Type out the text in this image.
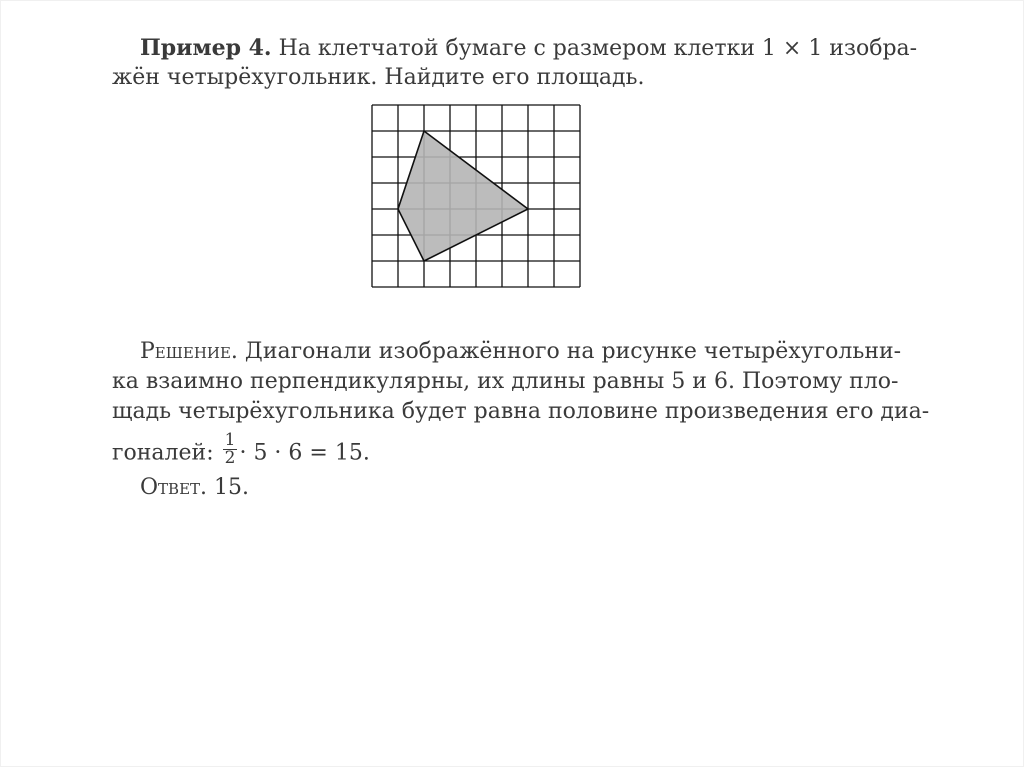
Пример 4. На клетчатой бумаге с размером клетки 1 × 1 изобра-
жён четырёхугольник. Найдите его площадь.
Решение. Диагонали изображённого на рисунке четырёхугольни-
ка взаимно перпендикулярны, их длины равны 5 и 6. Поэтому пло-
щадь четырёхугольника будет равна половине произведения его диа-
гоналей: $\frac{1}{2} \cdot 5 \cdot 6 = 15$.
Ответ. 15.
